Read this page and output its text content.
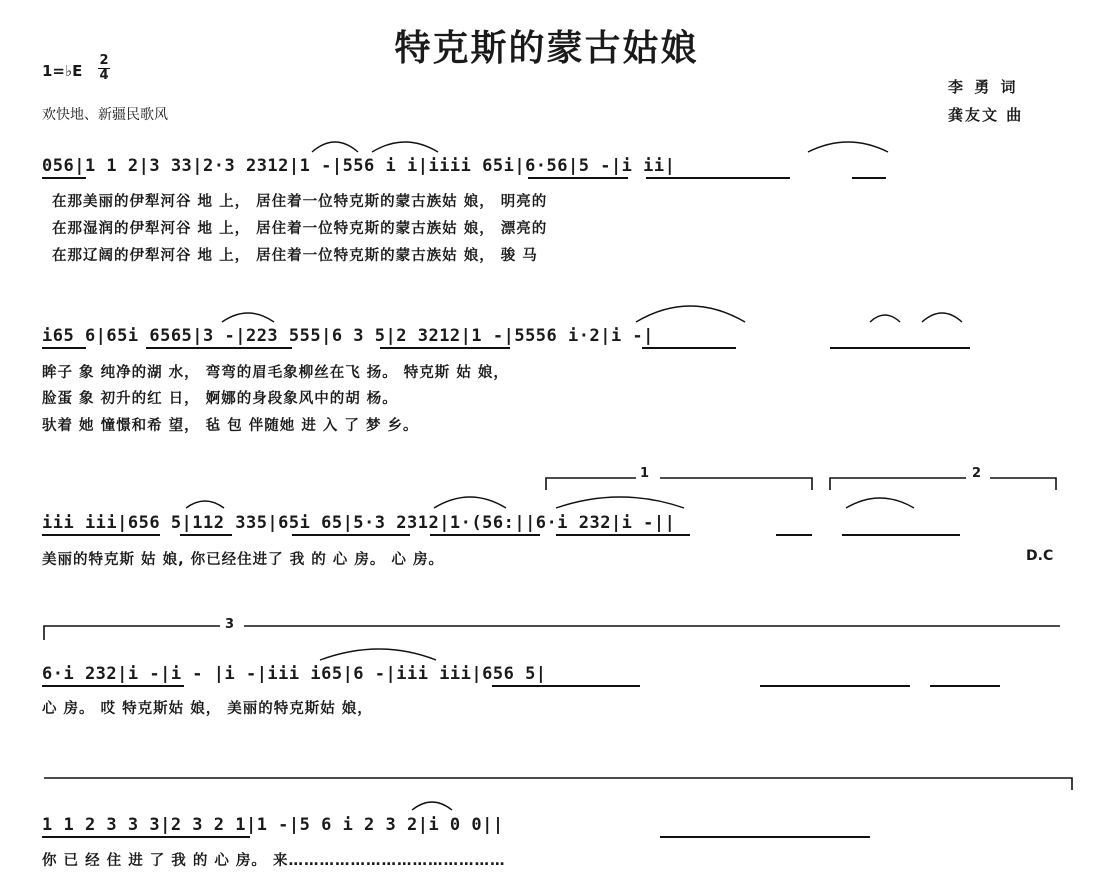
特克斯的蒙古姑娘
1=♭E
2
4
欢快地、新疆民歌风
李 勇 词
龚友文 曲
056|1 1 2|3 33|2·3 2312|1 -|556 i i|iiii 65i|6·56|5 -|i ii|
在那美丽的伊犁河谷 地 上， 居住着一位特克斯的蒙古族姑 娘， 明亮的
在那湿润的伊犁河谷 地 上， 居住着一位特克斯的蒙古族姑 娘， 漂亮的
在那辽阔的伊犁河谷 地 上， 居住着一位特克斯的蒙古族姑 娘， 骏 马
i65 6|65i 6565|3 -|223 555|6 3 5|2 3212|1 -|5556 i·2|i -|
眸子 象 纯净的湖 水， 弯弯的眉毛象柳丝在飞 扬。 特克斯 姑 娘，
脸蛋 象 初升的红 日， 婀娜的身段象风中的胡 杨。
驮着 她 憧憬和希 望， 毡 包 伴随她 进 入 了 梦 乡。
1	2
iii iii|656 5|112 335|65i 65|5·3 2312|1·(56:||6·i 232|i -||
美丽的特克斯 姑 娘, 你已经住进了 我 的 心 房。 心 房。	D.C
3
6·i 232|i -|i - |i -|iii i65|6 -|iii iii|656 5|
心 房。 哎 特克斯姑 娘， 美丽的特克斯姑 娘，
1 1 2 3 3 3|2 3 2 1|1 -|5 6 i 2 3 2|i 0 0||
你 已 经 住 进 了 我 的 心 房。 来……………………………………
